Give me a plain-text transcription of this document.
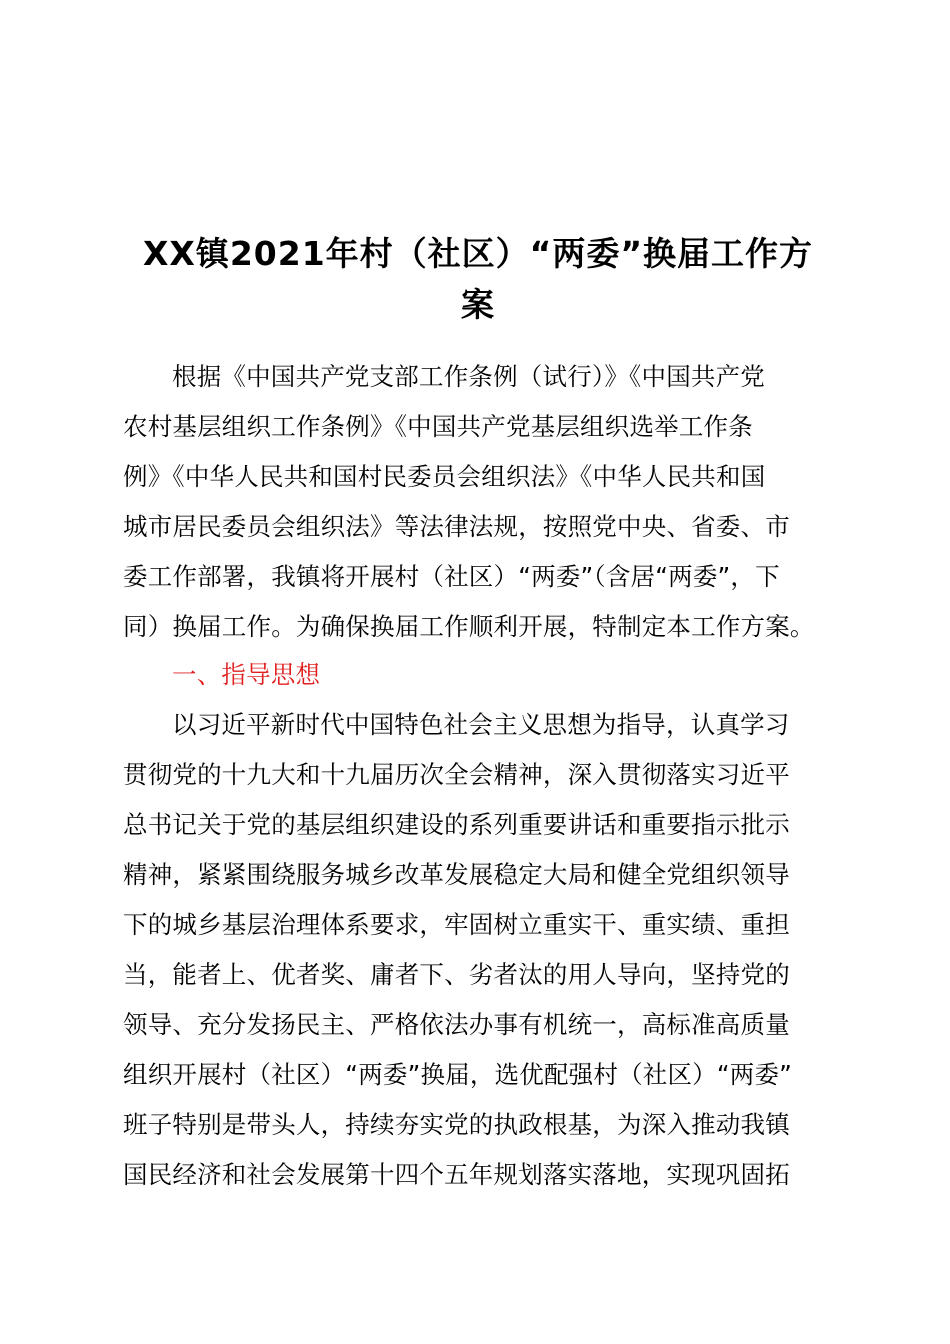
XX镇2021年村（社区）“两委”换届工作方
案
根据《中国共产党支部工作条例（试行）》《中国共产党
农村基层组织工作条例》《中国共产党基层组织选举工作条
例》《中华人民共和国村民委员会组织法》《中华人民共和国
城市居民委员会组织法》等法律法规，按照党中央、省委、市
委工作部署，我镇将开展村（社区）“两委”（含居“两委”，下
同）换届工作。为确保换届工作顺利开展，特制定本工作方案。
一、指导思想
以习近平新时代中国特色社会主义思想为指导，认真学习
贯彻党的十九大和十九届历次全会精神，深入贯彻落实习近平
总书记关于党的基层组织建设的系列重要讲话和重要指示批示
精神，紧紧围绕服务城乡改革发展稳定大局和健全党组织领导
下的城乡基层治理体系要求，牢固树立重实干、重实绩、重担
当，能者上、优者奖、庸者下、劣者汰的用人导向，坚持党的
领导、充分发扬民主、严格依法办事有机统一，高标准高质量
组织开展村（社区）“两委”换届，选优配强村（社区）“两委”
班子特别是带头人，持续夯实党的执政根基，为深入推动我镇
国民经济和社会发展第十四个五年规划落实落地，实现巩固拓
